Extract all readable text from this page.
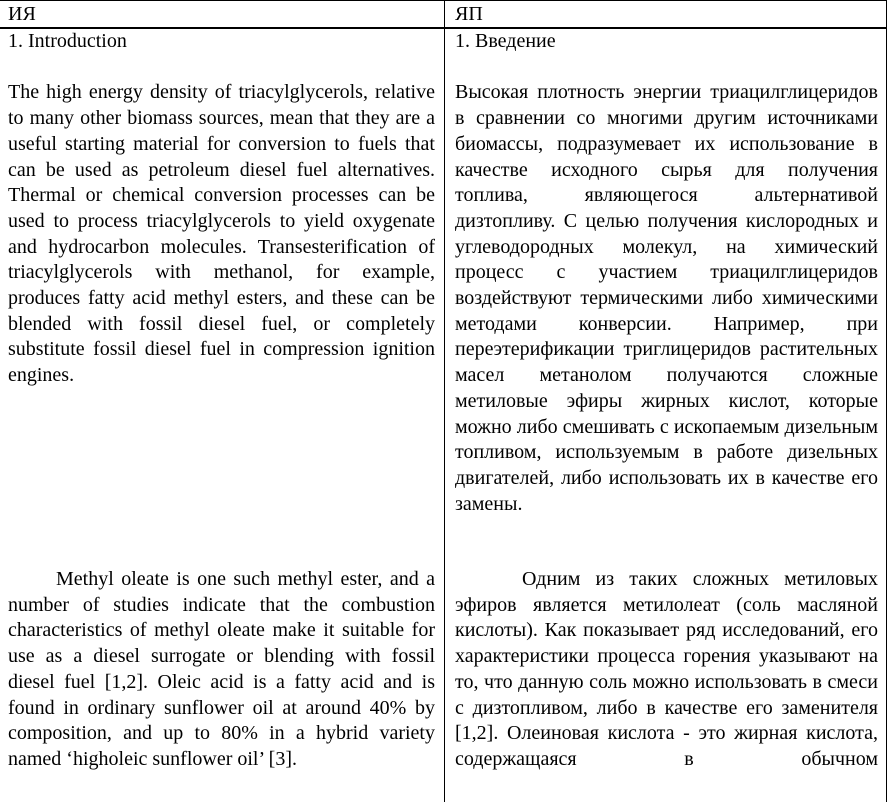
ИЯ	ЯП

1. Introduction

The high energy density of triacylglycerols, relative to many other biomass sources, mean that they are a useful starting material for conversion to fuels that can be used as petroleum diesel fuel alternatives. Thermal or chemical conversion processes can be used to process triacylglycerols to yield oxygenate and hydrocarbon molecules. Transesterification of triacylglycerols with methanol, for example, produces fatty acid methyl esters, and these can be blended with fossil diesel fuel, or completely substitute fossil diesel fuel in compression ignition engines.

Methyl oleate is one such methyl ester, and a number of studies indicate that the combustion characteristics of methyl oleate make it suitable for use as a diesel surrogate or blending with fossil diesel fuel [1,2]. Oleic acid is a fatty acid and is found in ordinary sunflower oil at around 40% by composition, and up to 80% in a hybrid variety named ‘higholeic sunflower oil’ [3].

1. Введение

Высокая плотность энергии триацилглицеридов в сравнении со многими другим источниками биомассы, подразумевает их использование в качестве исходного сырья для получения топлива, являющегося альтернативой дизтопливу. С целью получения кислородных и углеводородных молекул, на химический процесс с участием триацилглицеридов воздействуют термическими либо химическими методами конверсии. Например, при переэтерификации триглицеридов растительных масел метанолом получаются сложные метиловые эфиры жирных кислот, которые можно либо смешивать с ископаемым дизельным топливом, используемым в работе дизельных двигателей, либо использовать их в качестве его замены.

Одним из таких сложных метиловых эфиров является метилолеат (соль масляной кислоты). Как показывает ряд исследований, его характеристики процесса горения указывают на то, что данную соль можно использовать в смеси с дизтопливом, либо в качестве его заменителя [1,2]. Олеиновая кислота - это жирная кислота, содержащаяся в обычном
